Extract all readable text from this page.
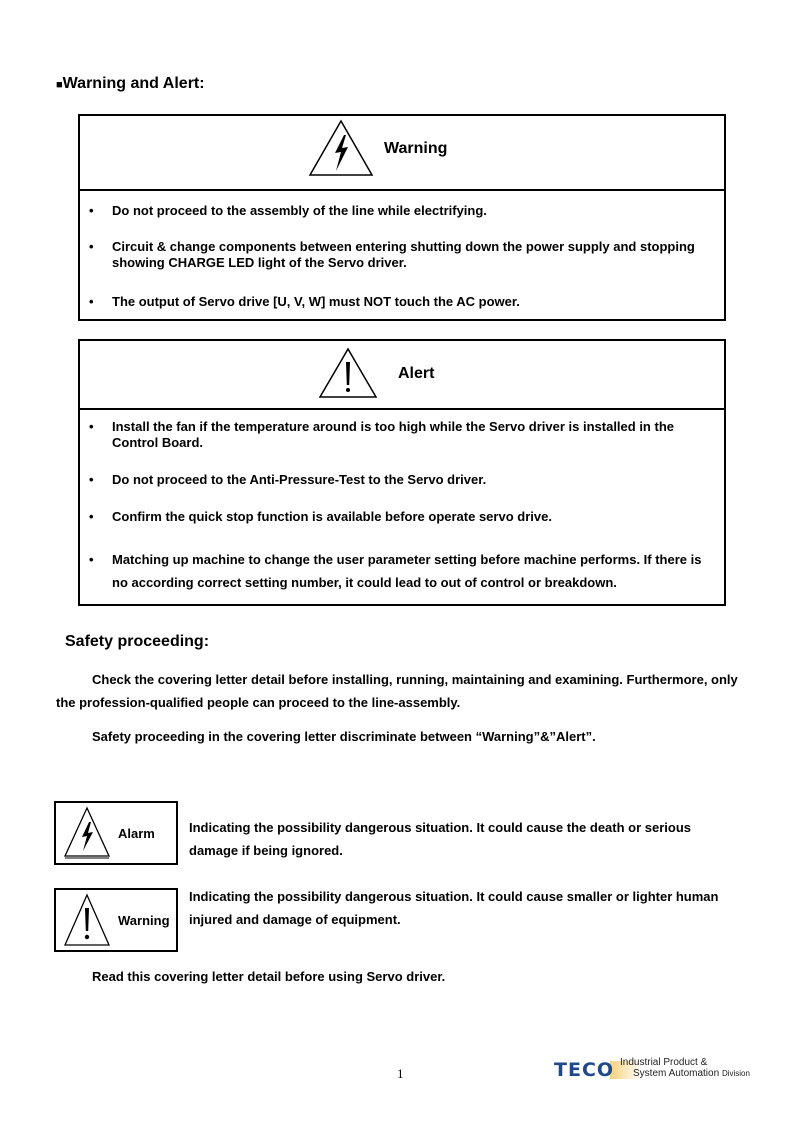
■Warning and Alert:
Warning
• Do not proceed to the assembly of the line while electrifying.
• Circuit & change components between entering shutting down the power supply and stopping showing CHARGE LED light of the Servo driver.
• The output of Servo drive [U, V, W] must NOT touch the AC power.
Alert
• Install the fan if the temperature around is too high while the Servo driver is installed in the Control Board.
• Do not proceed to the Anti-Pressure-Test to the Servo driver.
• Confirm the quick stop function is available before operate servo drive.
• Matching up machine to change the user parameter setting before machine performs. If there is no according correct setting number, it could lead to out of control or breakdown.
Safety proceeding:
Check the covering letter detail before installing, running, maintaining and examining. Furthermore, only
the profession-qualified people can proceed to the line-assembly.
Safety proceeding in the covering letter discriminate between “Warning”&”Alert”.
Alarm	Indicating the possibility dangerous situation. It could cause the death or serious
damage if being ignored.
Warning
Indicating the possibility dangerous situation. It could cause smaller or lighter human
injured and damage of equipment.
Read this covering letter detail before using Servo driver.
1	TECO Industrial Product &
System Automation Division
